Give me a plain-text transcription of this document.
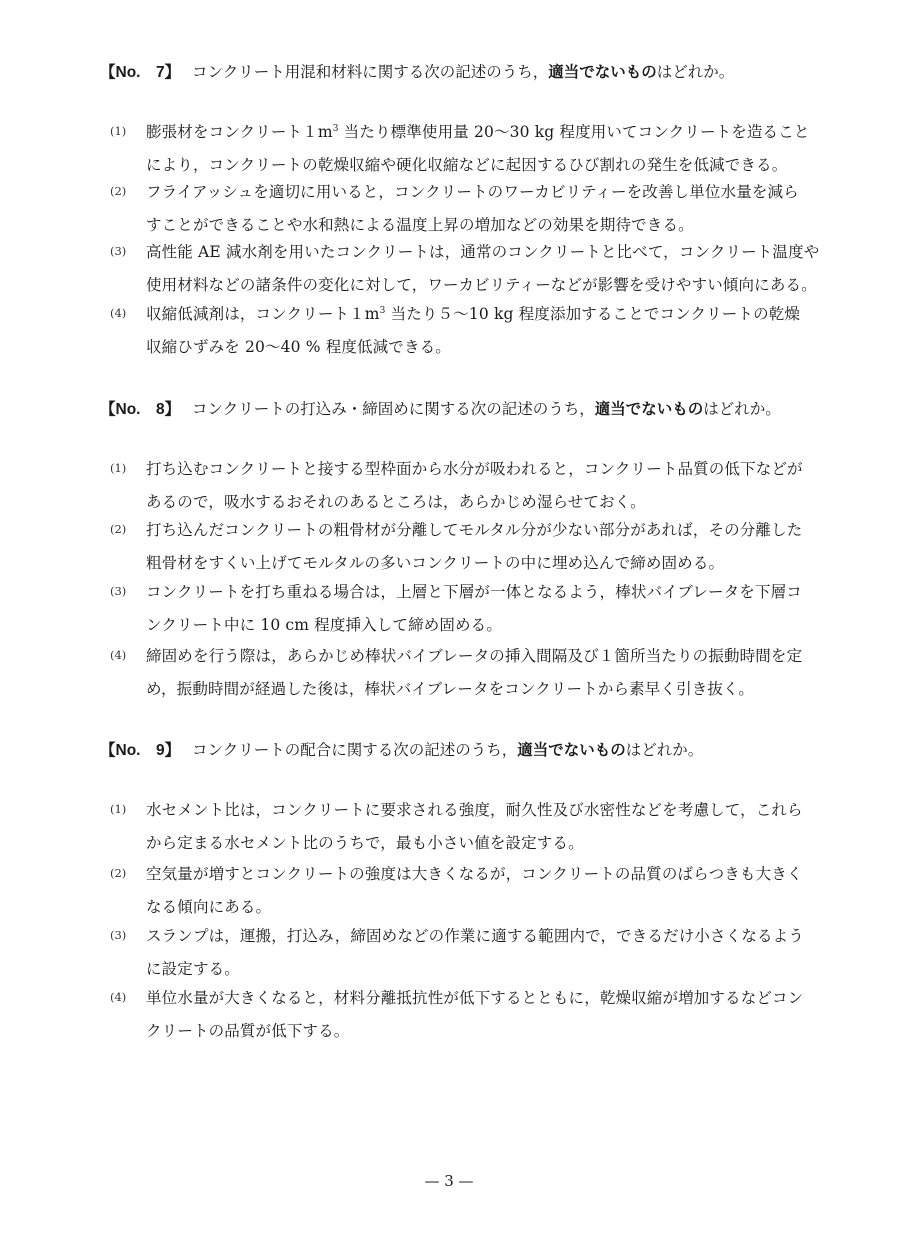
【No.　7】 コンクリート用混和材料に関する次の記述のうち，適当でないものはどれか。
(1) 膨張材をコンクリート$1m^3$ 当たり標準使用量 20～30 kg 程度用いてコンクリートを造ること
により，コンクリートの乾燥収縮や硬化収縮などに起因するひび割れの発生を低減できる。
(2) フライアッシュを適切に用いると，コンクリートのワーカビリティーを改善し単位水量を減ら
すことができることや水和熱による温度上昇の増加などの効果を期待できる。
(3) 高性能 AE 減水剤を用いたコンクリートは，通常のコンクリートと比べて，コンクリート温度や
使用材料などの諸条件の変化に対して，ワーカビリティーなどが影響を受けやすい傾向にある。
(4) 収縮低減剤は，コンクリート$1m^3$ 当たり５～10 kg 程度添加することでコンクリートの乾燥
収縮ひずみを 20～40 % 程度低減できる。
【No.　8】 コンクリートの打込み・締固めに関する次の記述のうち，適当でないものはどれか。
(1) 打ち込むコンクリートと接する型枠面から水分が吸われると，コンクリート品質の低下などが
あるので，吸水するおそれのあるところは，あらかじめ湿らせておく。
(2) 打ち込んだコンクリートの粗骨材が分離してモルタル分が少ない部分があれば，その分離した
粗骨材をすくい上げてモルタルの多いコンクリートの中に埋め込んで締め固める。
(3) コンクリートを打ち重ねる場合は，上層と下層が一体となるよう，棒状バイブレータを下層コ
ンクリート中に 10 cm 程度挿入して締め固める。
(4) 締固めを行う際は，あらかじめ棒状バイブレータの挿入間隔及び１箇所当たりの振動時間を定
め，振動時間が経過した後は，棒状バイブレータをコンクリートから素早く引き抜く。
【No.　9】 コンクリートの配合に関する次の記述のうち，適当でないものはどれか。
(1) 水セメント比は，コンクリートに要求される強度，耐久性及び水密性などを考慮して，これら
から定まる水セメント比のうちで，最も小さい値を設定する。
(2) 空気量が増すとコンクリートの強度は大きくなるが，コンクリートの品質のばらつきも大きく
なる傾向にある。
(3) スランプは，運搬，打込み，締固めなどの作業に適する範囲内で，できるだけ小さくなるよう
に設定する。
(4) 単位水量が大きくなると，材料分離抵抗性が低下するとともに，乾燥収縮が増加するなどコン
クリートの品質が低下する。
— 3 —
